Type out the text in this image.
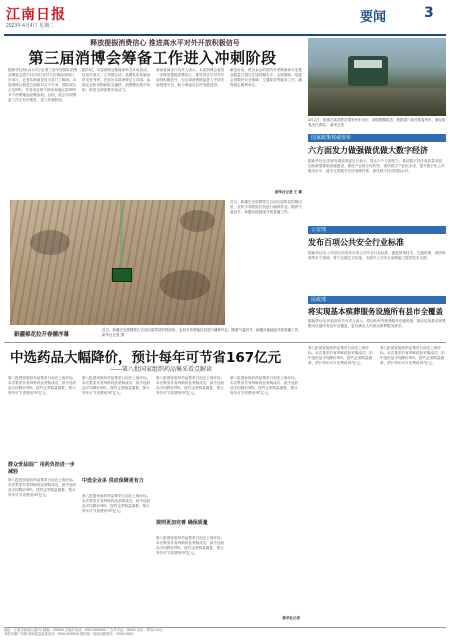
江南日报
2023年4月4日 星期二
要闻	3
释放提振消费信心 推进高水平对外开放积极信号
第三届消博会筹备工作进入冲刺阶段
据新华社海口4月3日电 第三届中国国际消费品博览会将于4月10日至15日在海南省海口市举行。记者从海南省有关部门了解到，本届消博会展览总面积12万平方米，国际展区占比80%，共有来自65个国家和地区的3000多个消费精品品牌参展。目前，展会各项筹备工作正有序推进，进入冲刺阶段。
据介绍，本届消博会期间将举办多场活动，包括开幕式、主宾国活动、品牌发布和新品首发首秀等。法国为本届消博会主宾国。参展企业和采购商报名踊跃，消费精品集中亮相，彰显全球消费市场活力。
海南省商务厅负责人表示，本届消博会将进一步释放提振消费信心、推进高水平对外开放的积极信号，为全球消费精品进入中国市场搭建平台，助力海南自由贸易港建设。
截至目前，报名参会的国内外采购商和专业观众数量已超过往届同期水平。会展期间，组委会将做好安全保障、交通疏导等服务工作，确保展会顺利举办。
新华社记者 王 颖
4月2日，旅客在某高铁站乘坐列车出行。清明假期临近，铁路部门加开旅客列车，满足旅客出行需求。 新华社发
国家政策权威发布
六方面发力做强做优做大数字经济
据新华社电 国家发展改革委近日表示，将从六个方面发力，推动数字经济高质量发展：加快新型基础设施建设、推进产业数字化转型、加快数字产业化步伐、提升数字化公共服务水平、健全完善数字经济治理体系、深化数字经济国际合作。
公安部
发布百项公共安全行业标准
据新华社电 公安部日前发布百项公共安全行业标准，涵盖刑事技术、交通管理、消防救援等多个领域，将于近期正式实施，为提升公共安全治理能力提供技术支撑。
民政部
将实现基本殡葬服务设施所有县市全覆盖
据新华社电 民政部有关负责人表示，将加快补齐殡葬服务设施短板，推动实现基本殡葬服务设施所有县市全覆盖，更好满足人民群众殡葬服务需求。
近日，新疆巴音郭楞蒙古自治区尉犁县的棉田里，农机手驾驶拖拉机进行播种作业。随着气温回升，新疆各地陆续开展春播工作。
新疆棉花拉开春播序幕
近日，新疆巴音郭楞蒙古自治区尉犁县的棉田里，农机手驾驶拖拉机进行播种作业。随着气温回升，新疆各地陆续开展春播工作。 新华社记者 摄
中选药品大幅降价，预计每年可节省167亿元
——第八批国家组织药品集采看点解读
第八批国家组织药品集采日前在上海开标。本次集采共有39种药品采购成功，拟中选药品平均降价56%，按约定采购量测算，预计每年可节省费用167亿元。
群众受益面广 用药负担进一步减轻
第八批国家组织药品集采日前在上海开标。本次集采共有39种药品采购成功，拟中选药品平均降价56%，按约定采购量测算，预计每年可节省费用167亿元。
第八批国家组织药品集采日前在上海开标。本次集采共有39种药品采购成功，拟中选药品平均降价56%，按约定采购量测算，预计每年可节省费用167亿元。
中选企业多 供应保障更有力
第八批国家组织药品集采日前在上海开标。本次集采共有39种药品采购成功，拟中选药品平均降价56%，按约定采购量测算，预计每年可节省费用167亿元。
第八批国家组织药品集采日前在上海开标。本次集采共有39种药品采购成功，拟中选药品平均降价56%，按约定采购量测算，预计每年可节省费用167亿元。
规则更加完善 确保质量
第八批国家组织药品集采日前在上海开标。本次集采共有39种药品采购成功，拟中选药品平均降价56%，按约定采购量测算，预计每年可节省费用167亿元。
第八批国家组织药品集采日前在上海开标。本次集采共有39种药品采购成功，拟中选药品平均降价56%，按约定采购量测算，预计每年可节省费用167亿元。
新华社记者
第八批国家组织药品集采日前在上海开标。本次集采共有39种药品采购成功，拟中选药品平均降价56%，按约定采购量测算，预计每年可节省费用167亿元。
第八批国家组织药品集采日前在上海开标。本次集采共有39种药品采购成功，拟中选药品平均降价56%，按约定采购量测算，预计每年可节省费用167亿元。
地址：江南市新闻大道1号 邮编：000000 总编办电话：0000-0000000 广告许可证：00000 定价：每份1.00元
本报印刷厂印刷 印刷质量监督电话：0000-0000000 国内统一连续出版物号：CN00-0000
